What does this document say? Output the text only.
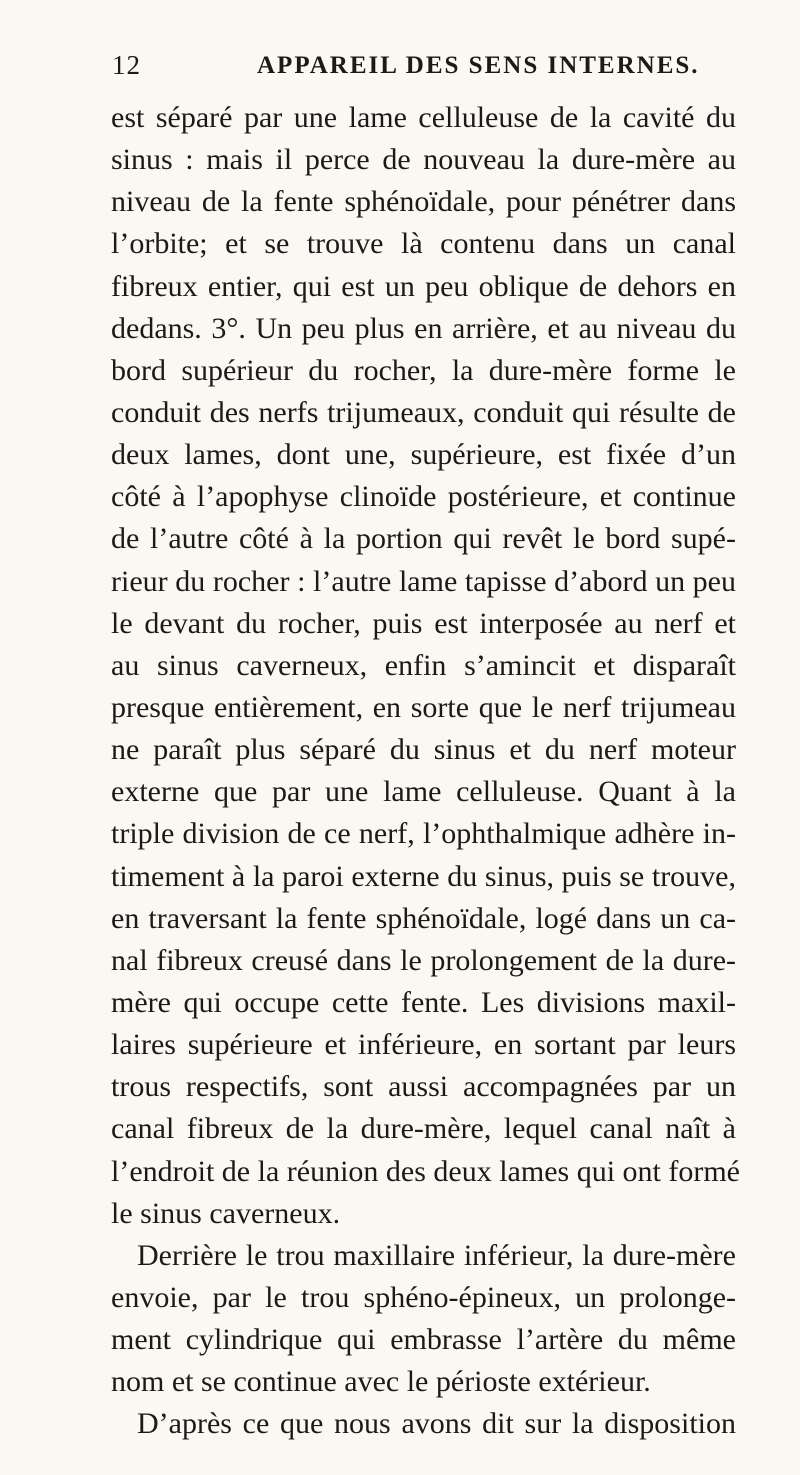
12	APPAREIL DES SENS INTERNES.
est séparé par une lame celluleuse de la cavité du
sinus : mais il perce de nouveau la dure-mère au
niveau de la fente sphénoïdale, pour pénétrer dans
l’orbite; et se trouve là contenu dans un canal
fibreux entier, qui est un peu oblique de dehors en
dedans. 3°. Un peu plus en arrière, et au niveau du
bord supérieur du rocher, la dure-mère forme le
conduit des nerfs trijumeaux, conduit qui résulte de
deux lames, dont une, supérieure, est fixée d’un
côté à l’apophyse clinoïde postérieure, et continue
de l’autre côté à la portion qui revêt le bord supé-
rieur du rocher : l’autre lame tapisse d’abord un peu
le devant du rocher, puis est interposée au nerf et
au sinus caverneux, enfin s’amincit et disparaît
presque entièrement, en sorte que le nerf trijumeau
ne paraît plus séparé du sinus et du nerf moteur
externe que par une lame celluleuse. Quant à la
triple division de ce nerf, l’ophthalmique adhère in-
timement à la paroi externe du sinus, puis se trouve,
en traversant la fente sphénoïdale, logé dans un ca-
nal fibreux creusé dans le prolongement de la dure-
mère qui occupe cette fente. Les divisions maxil-
laires supérieure et inférieure, en sortant par leurs
trous respectifs, sont aussi accompagnées par un
canal fibreux de la dure-mère, lequel canal naît à
l’endroit de la réunion des deux lames qui ont formé
le sinus caverneux.
Derrière le trou maxillaire inférieur, la dure-mère
envoie, par le trou sphéno-épineux, un prolonge-
ment cylindrique qui embrasse l’artère du même
nom et se continue avec le périoste extérieur.
D’après ce que nous avons dit sur la disposition
